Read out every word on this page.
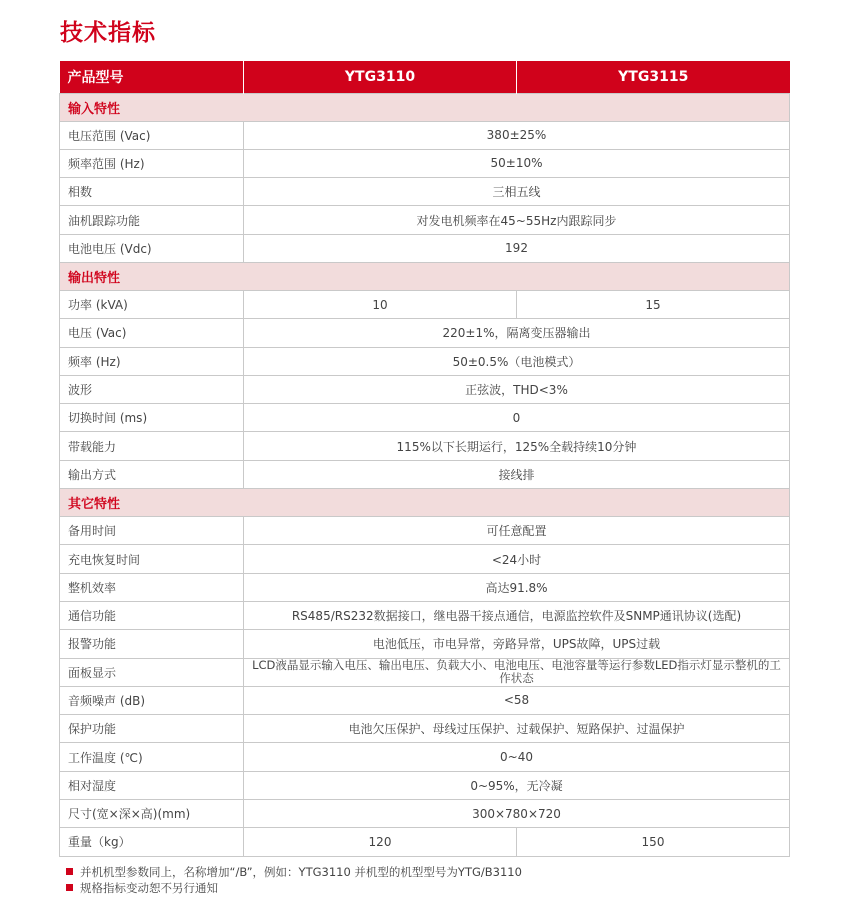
技术指标
产品型号	YTG3110	YTG3115
输入特性		
电压范围 (Vac)	380±25%	
频率范围 (Hz)	50±10%	
相数	三相五线	
油机跟踪功能	对发电机频率在45~55Hz内跟踪同步	
电池电压 (Vdc)	192	
输出特性		
功率 (kVA)	10	15
电压 (Vac)	220±1%，隔离变压器输出	
频率 (Hz)	50±0.5%（电池模式）	
波形	正弦波，THD<3%	
切换时间 (ms)	0	
带载能力	115%以下长期运行，125%全载持续10分钟	
输出方式	接线排	
其它特性		
备用时间	可任意配置	
充电恢复时间	<24小时	
整机效率	高达91.8%	
通信功能	RS485/RS232数据接口，继电器干接点通信，电源监控软件及SNMP通讯协议(选配)	
报警功能	电池低压，市电异常，旁路异常，UPS故障，UPS过载	
面板显示	LCD液晶显示输入电压、输出电压、负载大小、电池电压、电池容量等运行参数LED指示灯显示整机的工作状态	
音频噪声 (dB)	<58	
保护功能	电池欠压保护、母线过压保护、过载保护、短路保护、过温保护	
工作温度 (℃)	0~40	
相对湿度	0~95%，无冷凝	
尺寸(宽×深×高)(mm)	300×780×720	
重量（kg）	120	150
并机机型参数同上，名称增加“/B”，例如：YTG3110 并机型的机型型号为YTG/B3110
规格指标变动恕不另行通知
